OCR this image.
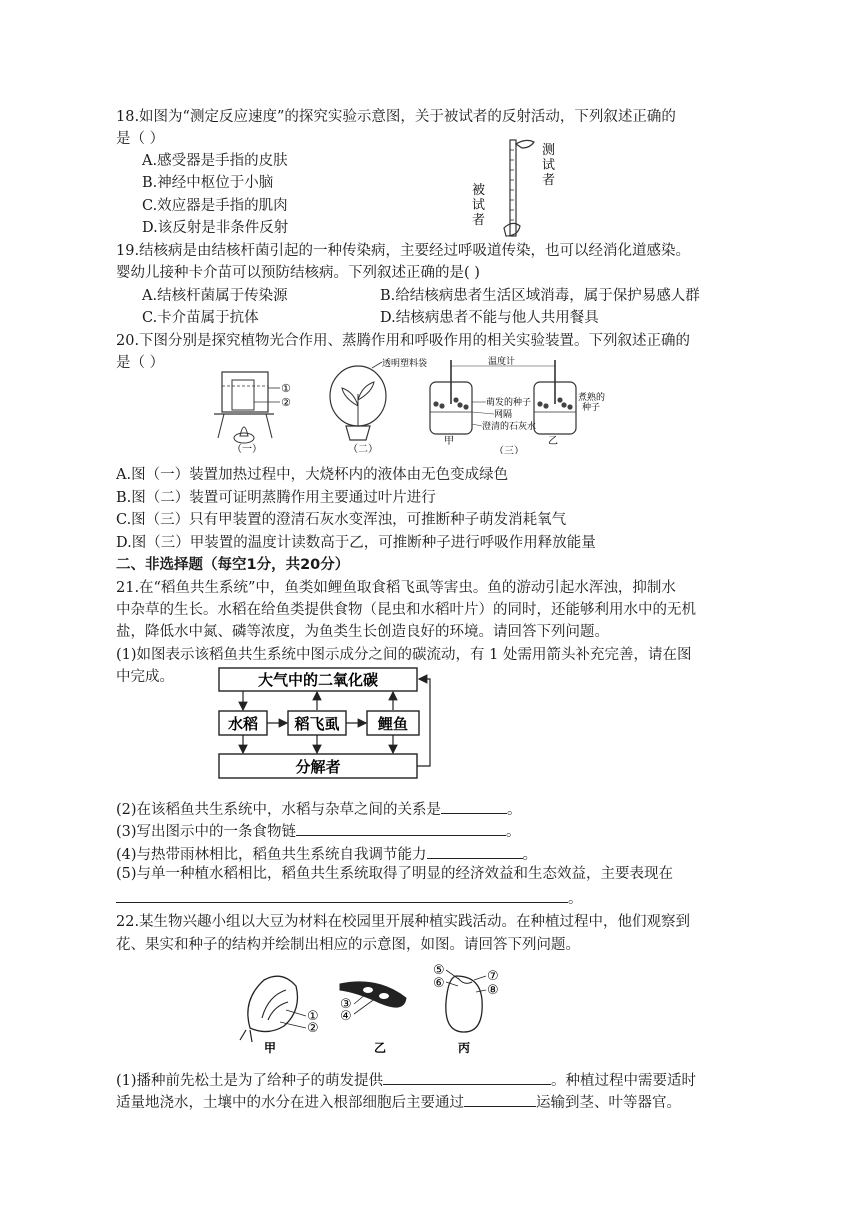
18.如图为“测定反应速度”的探究实验示意图，关于被试者的反射活动，下列叙述正确的
是（ ）
A.感受器是手指的皮肤
B.神经中枢位于小脑
C.效应器是手指的肌肉
D.该反射是非条件反射
测
试
者
被
试
者
19.结核病是由结核杆菌引起的一种传染病，主要经过呼吸道传染，也可以经消化道感染。
婴幼儿接种卡介苗可以预防结核病。下列叙述正确的是( )
A.结核杆菌属于传染源	B.给结核病患者生活区域消毒，属于保护易感人群
C.卡介苗属于抗体	D.结核病患者不能与他人共用餐具
20.下图分别是探究植物光合作用、蒸腾作用和呼吸作用的相关实验装置。下列叙述正确的
是（ ）
①
②
（一）
透明塑料袋
（二）
温度计
萌发的种子
网隔
澄清的石灰水
煮熟的
种子
甲	乙
（三）
A.图（一）装置加热过程中，大烧杯内的液体由无色变成绿色
B.图（二）装置可证明蒸腾作用主要通过叶片进行
C.图（三）只有甲装置的澄清石灰水变浑浊，可推断种子萌发消耗氧气
D.图（三）甲装置的温度计读数高于乙，可推断种子进行呼吸作用释放能量
二、非选择题（每空1分，共20分）
21.在“稻鱼共生系统”中，鱼类如鲤鱼取食稻飞虱等害虫。鱼的游动引起水浑浊，抑制水
中杂草的生长。水稻在给鱼类提供食物（昆虫和水稻叶片）的同时，还能够利用水中的无机
盐，降低水中氮、磷等浓度，为鱼类生长创造良好的环境。请回答下列问题。
(1)如图表示该稻鱼共生系统中图示成分之间的碳流动，有 1 处需用箭头补充完善，请在图
中完成。	大气中的二氧化碳
水稻 稻飞虱	鲤鱼
分解者
(2)在该稻鱼共生系统中，水稻与杂草之间的关系是	。
(3)写出图示中的一条食物链	。
(4)与热带雨林相比，稻鱼共生系统自我调节能力	。
(5)与单一种植水稻相比，稻鱼共生系统取得了明显的经济效益和生态效益，主要表现在
。
22.某生物兴趣小组以大豆为材料在校园里开展种植实践活动。在种植过程中，他们观察到
花、果实和种子的结构并绘制出相应的示意图，如图。请回答下列问题。
①
②
甲
③
④
乙
⑤
⑥	⑦
⑧
丙
(1)播种前先松土是为了给种子的萌发提供	。种植过程中需要适时
适量地浇水，土壤中的水分在进入根部细胞后主要通过	运输到茎、叶等器官。
